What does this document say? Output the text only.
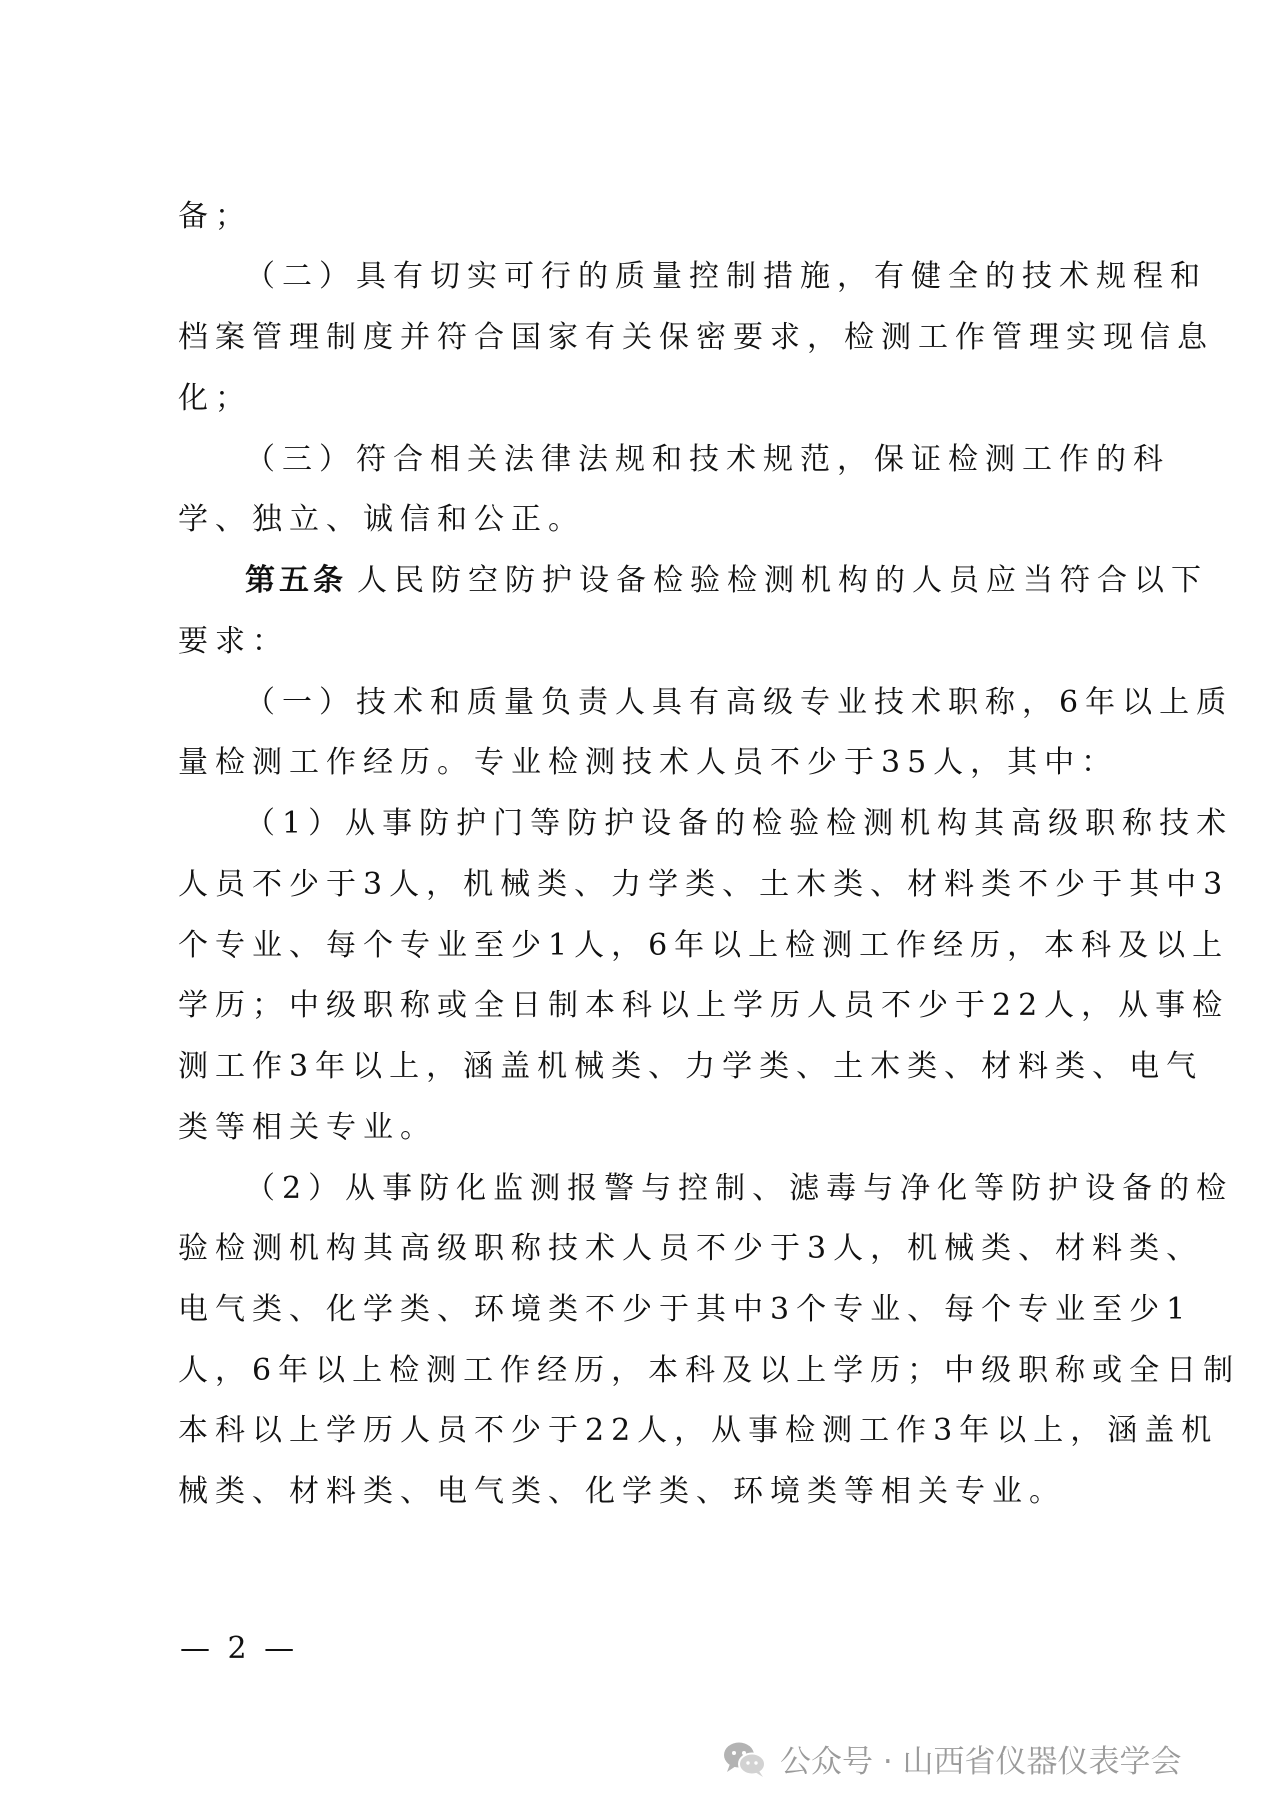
备；
（二）具有切实可行的质量控制措施，有健全的技术规程和
档案管理制度并符合国家有关保密要求，检测工作管理实现信息
化；
（三）符合相关法律法规和技术规范，保证检测工作的科
学、独立、诚信和公正。
第五条 人民防空防护设备检验检测机构的人员应当符合以下
要求：
（一）技术和质量负责人具有高级专业技术职称，6年以上质
量检测工作经历。专业检测技术人员不少于35人，其中：
（1）从事防护门等防护设备的检验检测机构其高级职称技术
人员不少于3人，机械类、力学类、土木类、材料类不少于其中3
个专业、每个专业至少1人，6年以上检测工作经历，本科及以上
学历；中级职称或全日制本科以上学历人员不少于22人，从事检
测工作3年以上，涵盖机械类、力学类、土木类、材料类、电气
类等相关专业。
（2）从事防化监测报警与控制、滤毒与净化等防护设备的检
验检测机构其高级职称技术人员不少于3人，机械类、材料类、
电气类、化学类、环境类不少于其中3个专业、每个专业至少1
人，6年以上检测工作经历，本科及以上学历；中级职称或全日制
本科以上学历人员不少于22人，从事检测工作3年以上，涵盖机
械类、材料类、电气类、化学类、环境类等相关专业。
— 2 —
公众号 · 山西省仪器仪表学会
